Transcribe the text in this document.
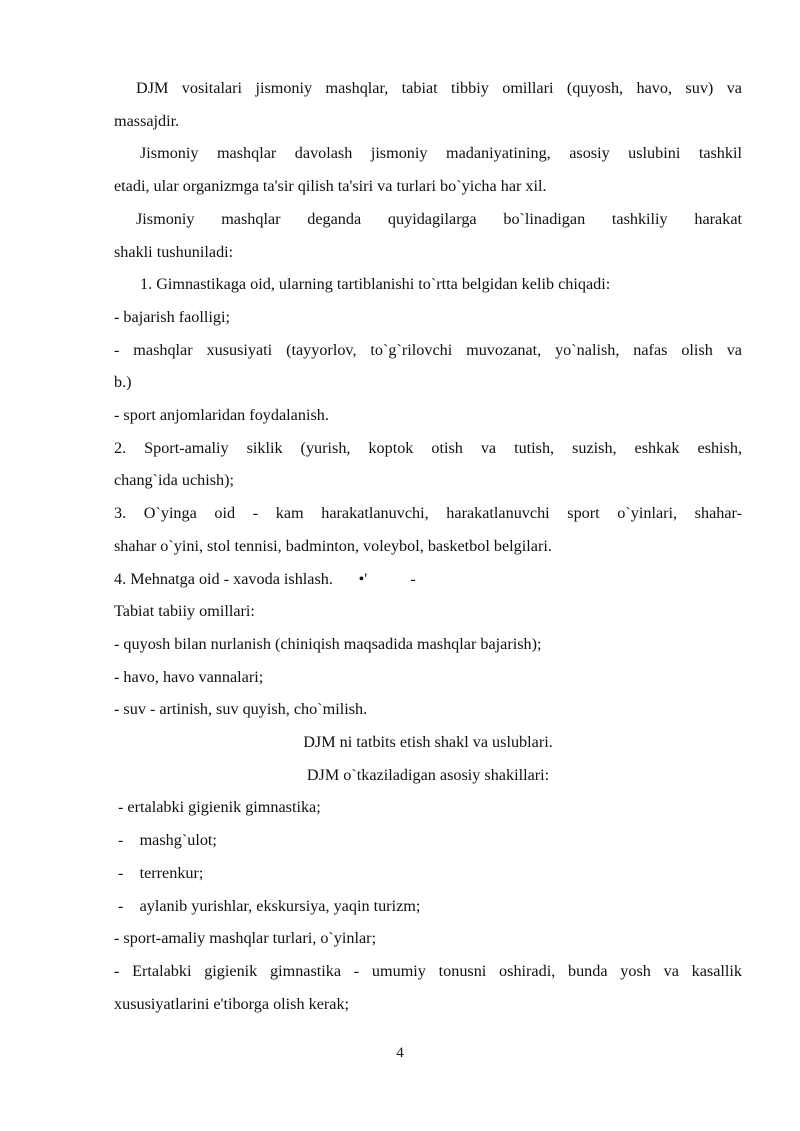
DJM vositalari jismoniy mashqlar, tabiat tibbiy omillari (quyosh, havo, suv) va

massajdir.

Jismoniy mashqlar davolash jismoniy madaniyatining, asosiy uslubini tashkil

etadi, ular organizmga ta'sir qilish ta'siri va turlari bo`yicha har xil.

Jismoniy mashqlar deganda quyidagilarga bo`linadigan tashkiliy harakat

shakli tushuniladi:

1. Gimnastikaga oid, ularning tartiblanishi to`rtta belgidan kelib chiqadi:

- bajarish faolligi;

- mashqlar xususiyati (tayyorlov, to`g`rilovchi muvozanat, yo`nalish, nafas olish va

b.)

- sport anjomlaridan foydalanish.

2. Sport-amaliy siklik (yurish, koptok otish va tutish, suzish, eshkak eshish,

chang`ida uchish);

3. O`yinga oid - kam harakatlanuvchi, harakatlanuvchi sport o`yinlari, shahar-

shahar o`yini, stol tennisi, badminton, voleybol, basketbol belgilari.

4. Mehnatga oid - xavoda ishlash. •'	-

Tabiat tabiiy omillari:

- quyosh bilan nurlanish (chiniqish maqsadida mashqlar bajarish);

- havo, havo vannalari;

- suv - artinish, suv quyish, cho`milish.

DJM ni tatbits etish shakl va uslublari.

DJM o`tkaziladigan asosiy shakillari:

- ertalabki gigienik gimnastika;

-    mashg`ulot;

-    terrenkur;

-    aylanib yurishlar, ekskursiya, yaqin turizm;

- sport-amaliy mashqlar turlari, o`yinlar;

- Ertalabki gigienik gimnastika - umumiy tonusni oshiradi, bunda yosh va kasallik

xususiyatlarini e'tiborga olish kerak;

4
